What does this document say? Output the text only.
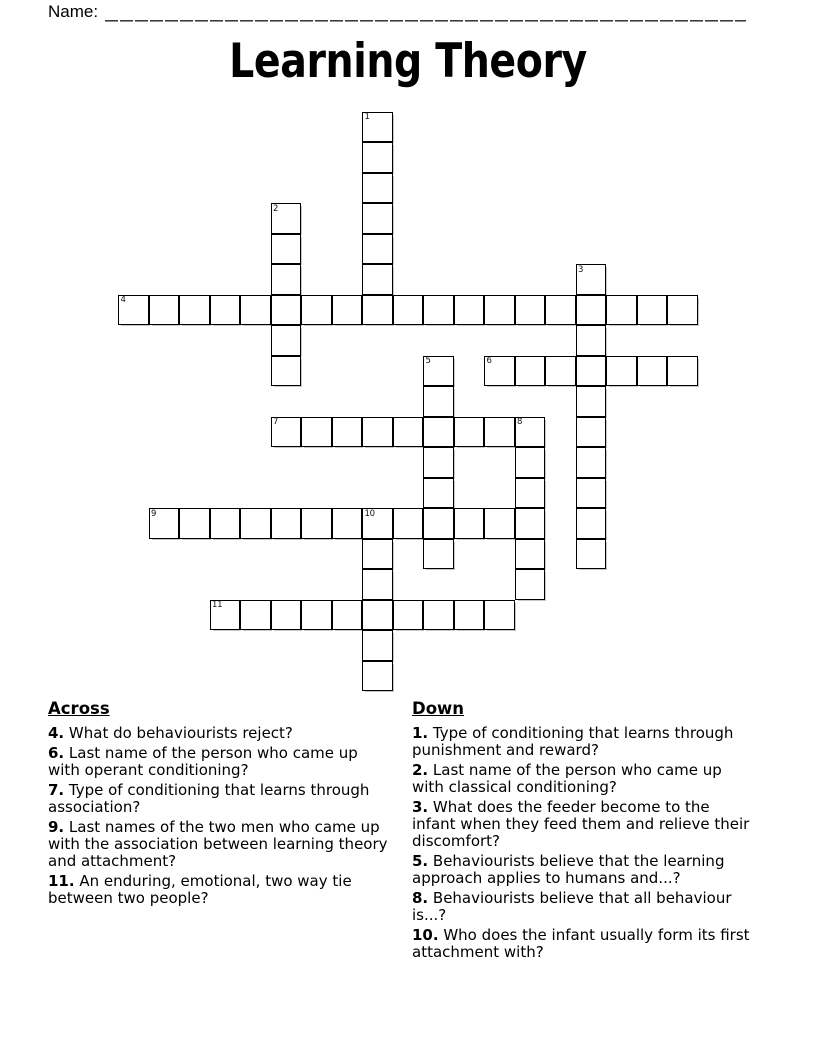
Name:
Learning Theory
1
2
3
4
5	6
7	8
9	10
11
Across
4. What do behaviourists reject?
6. Last name of the person who came up
with operant conditioning?
7. Type of conditioning that learns through
association?
9. Last names of the two men who came up
with the association between learning theory
and attachment?
11. An enduring, emotional, two way tie
between two people?
Down
1. Type of conditioning that learns through
punishment and reward?
2. Last name of the person who came up
with classical conditioning?
3. What does the feeder become to the
infant when they feed them and relieve their
discomfort?
5. Behaviourists believe that the learning
approach applies to humans and...?
8. Behaviourists believe that all behaviour
is...?
10. Who does the infant usually form its first
attachment with?
